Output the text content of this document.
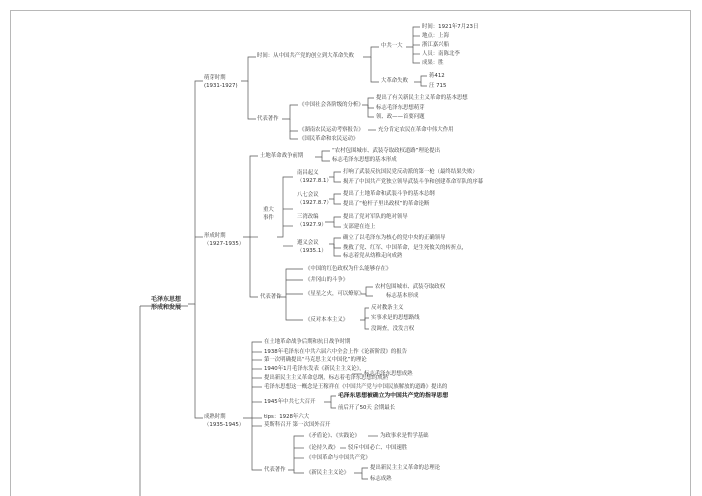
毛泽东思想
形成和发展
萌芽时期
(1931-1927)
时间：从中国共产党的创立到大革命失败
中共一大
时间：1921年7月23日
地点：上海
浙江嘉兴船
人员：南陈北李
成果：胜
大革命失败
蒋412
汪 715
代表著作
《中国社会各阶级的分析》
提出了有关新民主主义革命的基本思想
标志毛泽东思想萌芽
领、政——首要问题
《湖南农民运动考察报告》	充分肯定农民在革命中伟大作用
《国民革命和农民运动》
形成时期
（1927-1935）
土地革命战争前期
“农村包围城市、武装夺取政权道路”理论提出
标志毛泽东思想的基本形成
重大
事件
南昌起义
（1927.8.1）
打响了武装反抗国民党反动派的第一枪（最终结果失败）
揭开了中国共产党独立领导武装斗争和创建革命军队的序幕
八七会议
（1927.8.7）
提出了土地革命和武装斗争的基本总纲
提出了“枪杆子里出政权”的革命论断
三湾改编
（1927.9）
提出了党对军队的绝对领导
支部建在连上
遵义会议
（1935.1）
确立了以毛泽东为核心的党中央的正确领导
挽救了党、红军、中国革命，是生死攸关的转折点，
标志着党从幼稚走向成熟
代表著作
《中国的红色政权为什么能够存在》
《井冈山的斗争》
《星星之火，可以燎原》
农村包围城市、武装夺取政权
标志基本形成
《反对本本主义》
反对教条主义
实事求是的思想路线
没调查，没发言权
成熟时期
（1935-1945）
在土地革命战争后期和抗日战争时期
1938年毛泽东在中共六届六中全会上作《论新阶段》的报告
第一次明确提出“马克思主义中国化”的理论
1940年1月毛泽东发表《新民主主义论》，
提出新民主主义革命总纲，标志着毛泽东思想的成熟
标志毛泽东思想成熟
毛泽东思想这一概念是王稼祥在《中国共产党与中国民族解放的道路》提出的
1945年中共七大召开
毛泽东思想被确立为中国共产党的指导思想
前后开了50天 会期最长
tips：1928年六大
莫斯科召开 第一次国外召开
代表著作
《矛盾论》、《实践论》	为政事求是哲学基础
《论持久战》 驳斥中国必亡、中国速胜
《中国革命与中国共产党》
《新民主主义论》
提出新民主主义革命的总理论
标志成熟
